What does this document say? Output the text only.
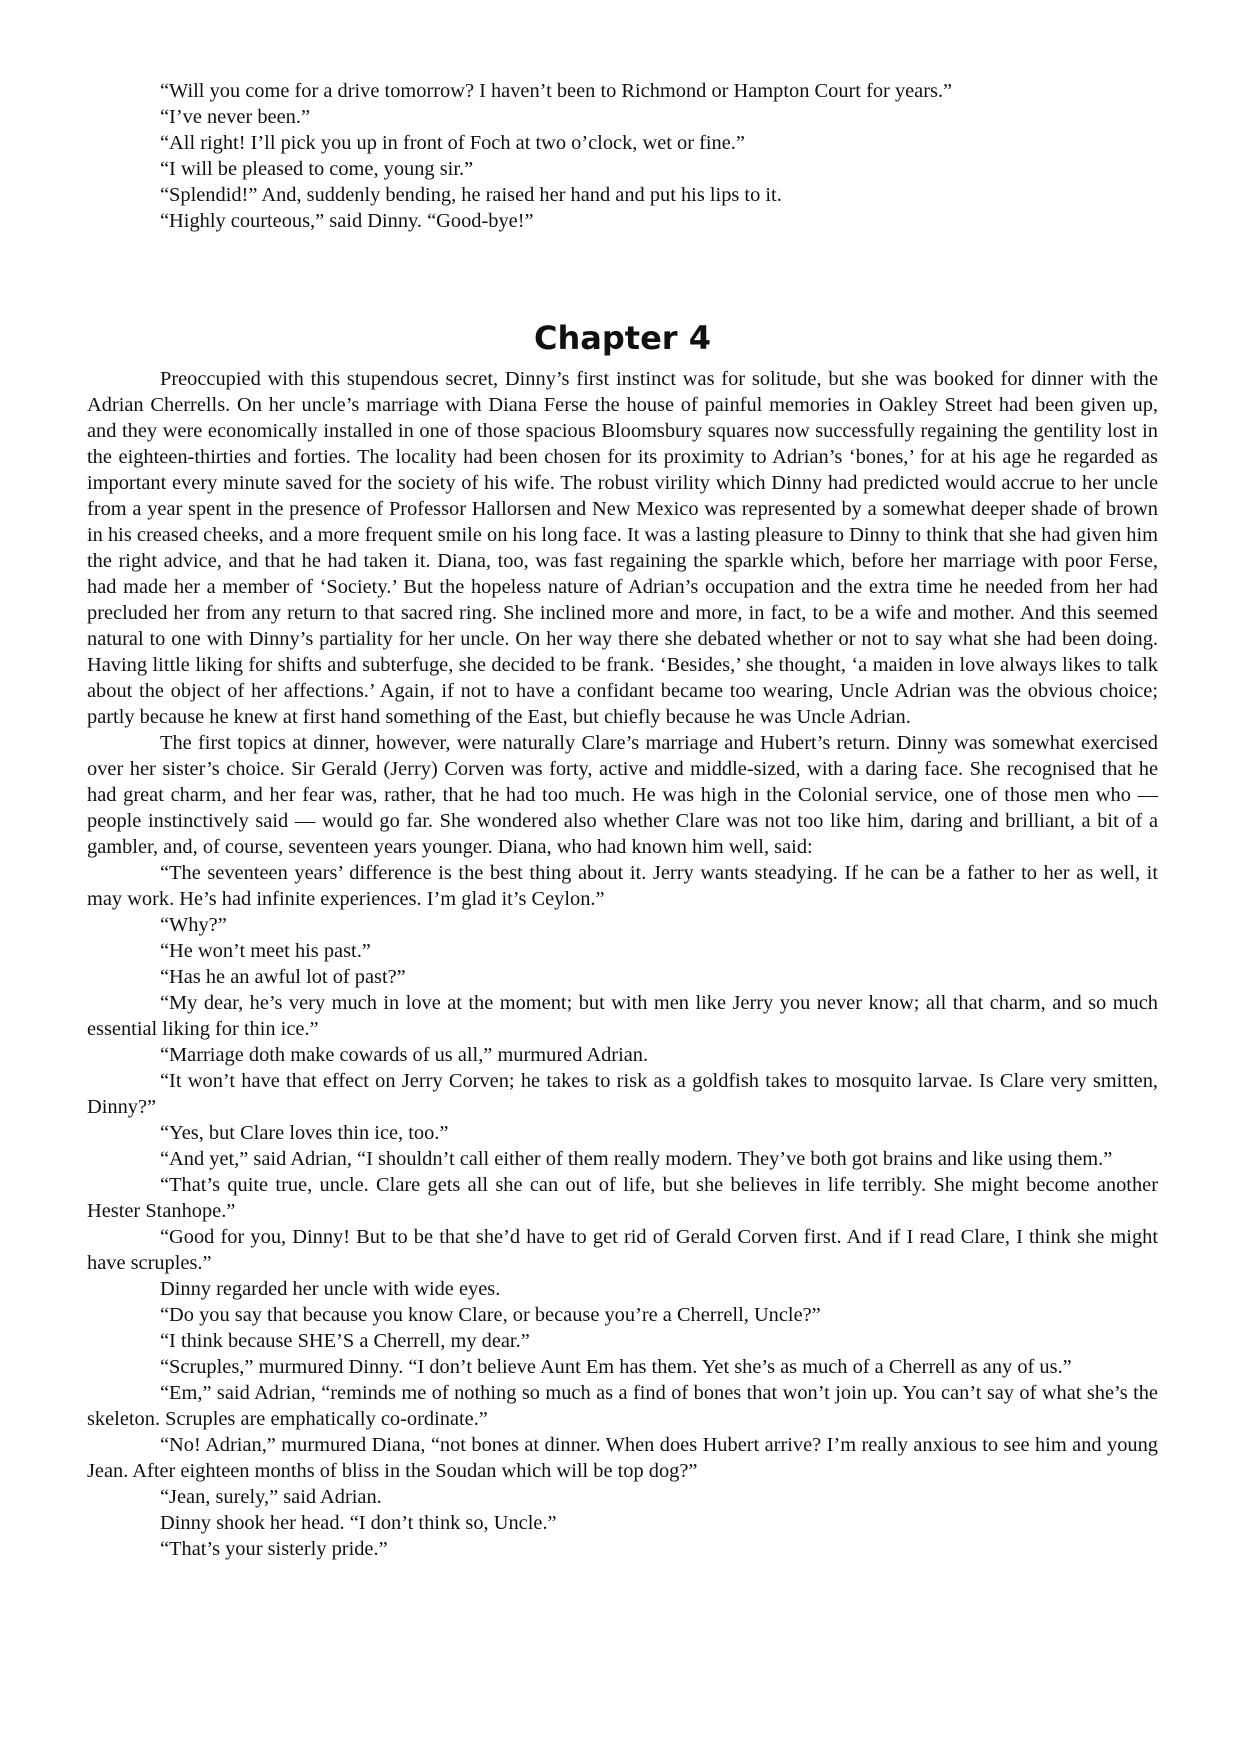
“Will you come for a drive tomorrow? I haven’t been to Richmond or Hampton Court for years.”

“I’ve never been.”

“All right! I’ll pick you up in front of Foch at two o’clock, wet or fine.”

“I will be pleased to come, young sir.”

“Splendid!” And, suddenly bending, he raised her hand and put his lips to it.

“Highly courteous,” said Dinny. “Good-bye!”

Chapter 4

Preoccupied with this stupendous secret, Dinny’s first instinct was for solitude, but she was booked for dinner with the Adrian Cherrells. On her uncle’s marriage with Diana Ferse the house of painful memories in Oakley Street had been given up, and they were economically installed in one of those spacious Bloomsbury squares now successfully regaining the gentility lost in the eighteen-thirties and forties. The locality had been chosen for its proximity to Adrian’s ‘bones,’ for at his age he regarded as important every minute saved for the society of his wife. The robust virility which Dinny had predicted would accrue to her uncle from a year spent in the presence of Professor Hallorsen and New Mexico was represented by a somewhat deeper shade of brown in his creased cheeks, and a more frequent smile on his long face. It was a lasting pleasure to Dinny to think that she had given him the right advice, and that he had taken it. Diana, too, was fast regaining the sparkle which, before her marriage with poor Ferse, had made her a member of ‘Society.’ But the hopeless nature of Adrian’s occupation and the extra time he needed from her had precluded her from any return to that sacred ring. She inclined more and more, in fact, to be a wife and mother. And this seemed natural to one with Dinny’s partiality for her uncle. On her way there she debated whether or not to say what she had been doing. Having little liking for shifts and subterfuge, she decided to be frank. ‘Besides,’ she thought, ‘a maiden in love always likes to talk about the object of her affections.’ Again, if not to have a confidant became too wearing, Uncle Adrian was the obvious choice; partly because he knew at first hand something of the East, but chiefly because he was Uncle Adrian.

The first topics at dinner, however, were naturally Clare’s marriage and Hubert’s return. Dinny was somewhat exercised over her sister’s choice. Sir Gerald (Jerry) Corven was forty, active and middle-sized, with a daring face. She recognised that he had great charm, and her fear was, rather, that he had too much. He was high in the Colonial service, one of those men who — people instinctively said — would go far. She wondered also whether Clare was not too like him, daring and brilliant, a bit of a gambler, and, of course, seventeen years younger. Diana, who had known him well, said:

“The seventeen years’ difference is the best thing about it. Jerry wants steadying. If he can be a father to her as well, it may work. He’s had infinite experiences. I’m glad it’s Ceylon.”

“Why?”

“He won’t meet his past.”

“Has he an awful lot of past?”

“My dear, he’s very much in love at the moment; but with men like Jerry you never know; all that charm, and so much essential liking for thin ice.”

“Marriage doth make cowards of us all,” murmured Adrian.

“It won’t have that effect on Jerry Corven; he takes to risk as a goldfish takes to mosquito larvae. Is Clare very smitten, Dinny?”

“Yes, but Clare loves thin ice, too.”

“And yet,” said Adrian, “I shouldn’t call either of them really modern. They’ve both got brains and like using them.”

“That’s quite true, uncle. Clare gets all she can out of life, but she believes in life terribly. She might become another Hester Stanhope.”

“Good for you, Dinny! But to be that she’d have to get rid of Gerald Corven first. And if I read Clare, I think she might have scruples.”

Dinny regarded her uncle with wide eyes.

“Do you say that because you know Clare, or because you’re a Cherrell, Uncle?”

“I think because SHE’S a Cherrell, my dear.”

“Scruples,” murmured Dinny. “I don’t believe Aunt Em has them. Yet she’s as much of a Cherrell as any of us.”

“Em,” said Adrian, “reminds me of nothing so much as a find of bones that won’t join up. You can’t say of what she’s the skeleton. Scruples are emphatically co-ordinate.”

“No! Adrian,” murmured Diana, “not bones at dinner. When does Hubert arrive? I’m really anxious to see him and young Jean. After eighteen months of bliss in the Soudan which will be top dog?”

“Jean, surely,” said Adrian.

Dinny shook her head. “I don’t think so, Uncle.”

“That’s your sisterly pride.”
